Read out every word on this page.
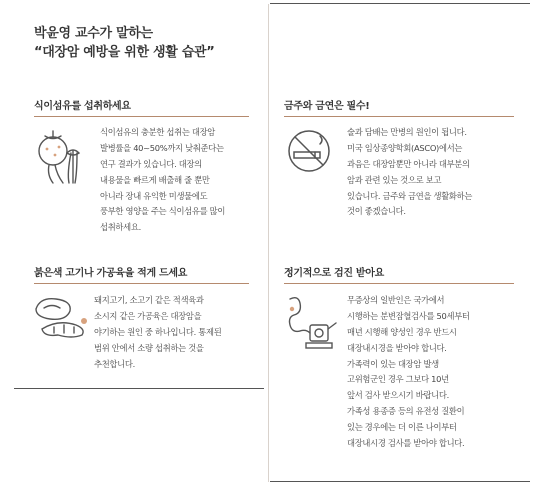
박윤영 교수가 말하는
“대장암 예방을 위한 생활 습관”
식이섬유를 섭취하세요
식이섬유의 충분한 섭취는 대장암
발병률을 40~50%까지 낮춰준다는
연구 결과가 있습니다. 대장의
내용물을 빠르게 배출해 줄 뿐만
아니라 장내 유익한 미생물에도
풍부한 영양을 주는 식이섬유를 많이
섭취하세요.
금주와 금연은 필수!
술과 담배는 만병의 원인이 됩니다.
미국 임상종양학회(ASCO)에서는
과음은 대장암뿐만 아니라 대부분의
암과 관련 있는 것으로 보고
있습니다. 금주와 금연을 생활화하는
것이 좋겠습니다.
붉은색 고기나 가공육을 적게 드세요
돼지고기, 소고기 같은 적색육과
소시지 같은 가공육은 대장암을
야기하는 원인 중 하나입니다. 통제된
범위 안에서 소량 섭취하는 것을
추천합니다.
정기적으로 검진 받아요
무증상의 일반인은 국가에서
시행하는 분변잠혈검사를 50세부터
매년 시행해 양성인 경우 반드시
대장내시경을 받아야 합니다.
가족력이 있는 대장암 발생
고위험군인 경우 그보다 10년
앞서 검사 받으시기 바랍니다.
가족성 용종증 등의 유전성 질환이
있는 경우에는 더 이른 나이부터
대장내시경 검사를 받아야 합니다.
